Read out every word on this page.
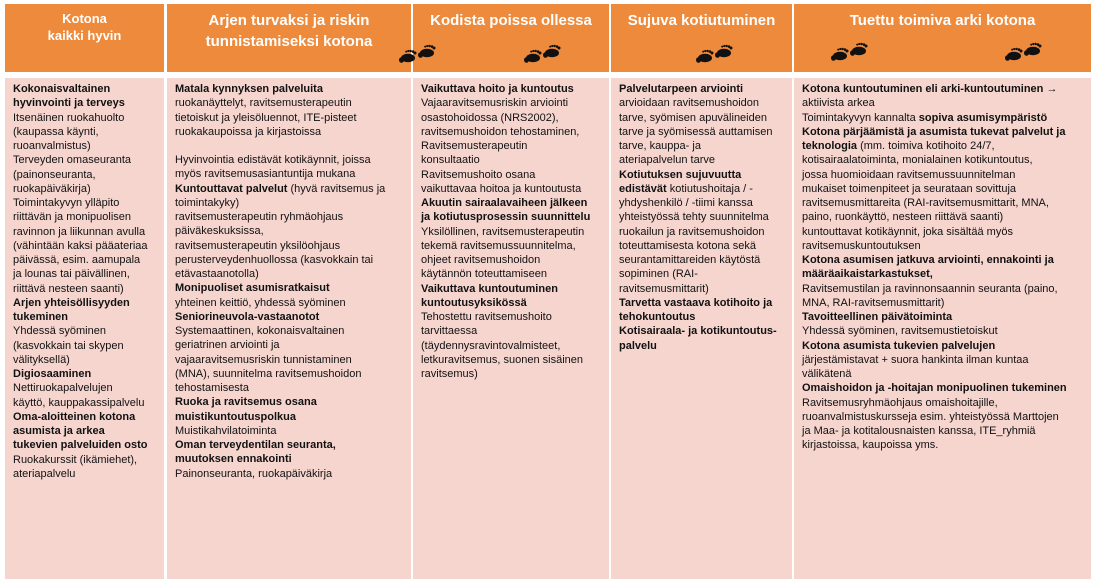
Kotona
kaikki hyvin
Arjen turvaksi ja riskin
tunnistamiseksi kotona
Kodista poissa ollessa	Sujuva kotiutuminen	Tuettu toimiva arki kotona

Kokonaisvaltainen

hyvinvointi ja terveys

Itsenäinen ruokahuolto

(kaupassa käynti,

ruoanvalmistus)

Terveyden omaseuranta

(painonseuranta,

ruokapäiväkirja)

Toimintakyvyn ylläpito

riittävän ja monipuolisen

ravinnon ja liikunnan avulla

(vähintään kaksi pääateriaa

päivässä, esim. aamupala

ja lounas tai päivällinen,

riittävä nesteen saanti)

Arjen yhteisöllisyyden

tukeminen

Yhdessä syöminen

(kasvokkain tai skypen

välityksellä)

Digiosaaminen

Nettiruokapalvelujen

käyttö, kauppakassipalvelu

Oma-aloitteinen kotona

asumista ja arkea

tukevien palveluiden osto

Ruokakurssit (ikämiehet),

ateriapalvelu

Matala kynnyksen palveluita

ruokanäyttelyt, ravitsemusterapeutin

tietoiskut ja yleisöluennot, ITE-pisteet

ruokakaupoissa ja kirjastoissa

Hyvinvointia edistävät kotikäynnit, joissa

myös ravitsemusasiantuntija mukana

Kuntouttavat palvelut (hyvä ravitsemus ja

toimintakyky)

ravitsemusterapeutin ryhmäohjaus

päiväkeskuksissa,

ravitsemusterapeutin yksilöohjaus

perusterveydenhuollossa (kasvokkain tai

etävastaanotolla)

Monipuoliset asumisratkaisut

yhteinen keittiö, yhdessä syöminen

Seniorineuvola-vastaanotot

Systemaattinen, kokonaisvaltainen

geriatrinen arviointi ja

vajaaravitsemusriskin tunnistaminen

(MNA), suunnitelma ravitsemushoidon

tehostamisesta

Ruoka ja ravitsemus osana

muistikuntoutuspolkua

Muistikahvilatoiminta

Oman terveydentilan seuranta,

muutoksen ennakointi

Painonseuranta, ruokapäiväkirja

Vaikuttava hoito ja kuntoutus

Vajaaravitsemusriskin arviointi

osastohoidossa (NRS2002),

ravitsemushoidon tehostaminen,

Ravitsemusterapeutin

konsultaatio

Ravitsemushoito osana

vaikuttavaa hoitoa ja kuntoutusta

Akuutin sairaalavaiheen jälkeen

ja kotiutusprosessin suunnittelu

Yksilöllinen, ravitsemusterapeutin

tekemä ravitsemussuunnitelma,

ohjeet ravitsemushoidon

käytännön toteuttamiseen

Vaikuttava kuntoutuminen

kuntoutusyksikössä

Tehostettu ravitsemushoito

tarvittaessa

(täydennysravintovalmisteet,

letkuravitsemus, suonen sisäinen

ravitsemus)

Palvelutarpeen arviointi

arvioidaan ravitsemushoidon

tarve, syömisen apuvälineiden

tarve ja syömisessä auttamisen

tarve, kauppa- ja

ateriapalvelun tarve

Kotiutuksen sujuvuutta

edistävät kotiutushoitaja / -

yhdyshenkilö / -tiimi kanssa

yhteistyössä tehty suunnitelma

ruokailun ja ravitsemushoidon

toteuttamisesta kotona sekä

seurantamittareiden käytöstä

sopiminen (RAI-

ravitsemusmittarit)

Tarvetta vastaava kotihoito ja

tehokuntoutus

Kotisairaala- ja kotikuntoutus-

palvelu

Kotona kuntoutuminen eli arki-kuntoutuminen →

aktiivista arkea

Toimintakyvyn kannalta sopiva asumisympäristö

Kotona pärjäämistä ja asumista tukevat palvelut ja

teknologia (mm. toimiva kotihoito 24/7,

kotisairaalatoiminta, monialainen kotikuntoutus,

jossa huomioidaan ravitsemussuunnitelman

mukaiset toimenpiteet ja seurataan sovittuja

ravitsemusmittareita (RAI-ravitsemusmittarit, MNA,

paino, ruonkäyttö, nesteen riittävä saanti)

kuntouttavat kotikäynnit, joka sisältää myös

ravitsemuskuntoutuksen

Kotona asumisen jatkuva arviointi, ennakointi ja

määräaikaistarkastukset,

Ravitsemustilan ja ravinnonsaannin seuranta (paino,

MNA, RAI-ravitsemusmittarit)

Tavoitteellinen päivätoiminta

Yhdessä syöminen, ravitsemustietoiskut

Kotona asumista tukevien palvelujen

järjestämistavat + suora hankinta ilman kuntaa

välikätenä

Omaishoidon ja -hoitajan monipuolinen tukeminen

Ravitsemusryhmäohjaus omaishoitajille,

ruoanvalmistuskursseja esim. yhteistyössä Marttojen

ja Maa- ja kotitalousnaisten kanssa, ITE_ryhmiä

kirjastoissa, kaupoissa yms.
